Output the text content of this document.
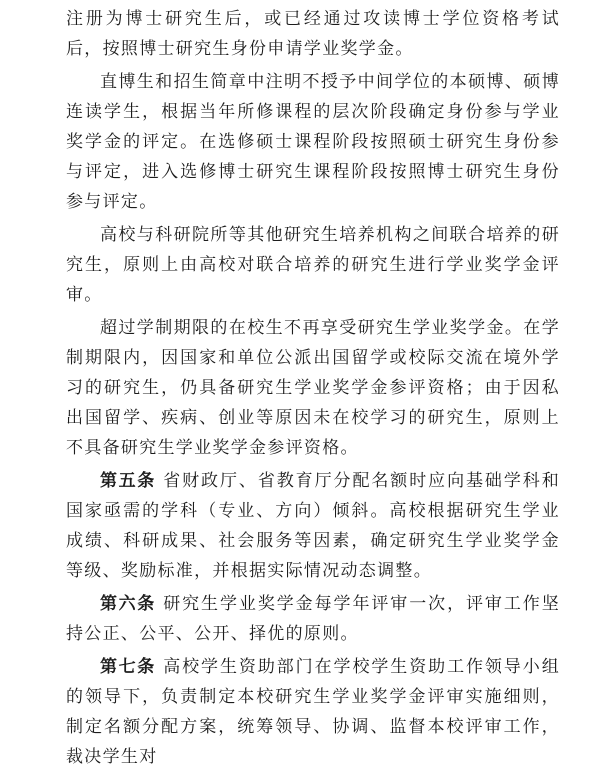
注册为博士研究生后，或已经通过攻读博士学位资格考试后，按照博士研究生身份申请学业奖学金。

直博生和招生简章中注明不授予中间学位的本硕博、硕博连读学生，根据当年所修课程的层次阶段确定身份参与学业奖学金的评定。在选修硕士课程阶段按照硕士研究生身份参与评定，进入选修博士研究生课程阶段按照博士研究生身份参与评定。

高校与科研院所等其他研究生培养机构之间联合培养的研究生，原则上由高校对联合培养的研究生进行学业奖学金评审。

超过学制期限的在校生不再享受研究生学业奖学金。在学制期限内，因国家和单位公派出国留学或校际交流在境外学习的研究生，仍具备研究生学业奖学金参评资格；由于因私出国留学、疾病、创业等原因未在校学习的研究生，原则上不具备研究生学业奖学金参评资格。

第五条 省财政厅、省教育厅分配名额时应向基础学科和国家亟需的学科（专业、方向）倾斜。高校根据研究生学业成绩、科研成果、社会服务等因素，确定研究生学业奖学金等级、奖励标准，并根据实际情况动态调整。

第六条 研究生学业奖学金每学年评审一次，评审工作坚持公正、公平、公开、择优的原则。

第七条 高校学生资助部门在学校学生资助工作领导小组的领导下，负责制定本校研究生学业奖学金评审实施细则，制定名额分配方案，统筹领导、协调、监督本校评审工作，裁决学生对
